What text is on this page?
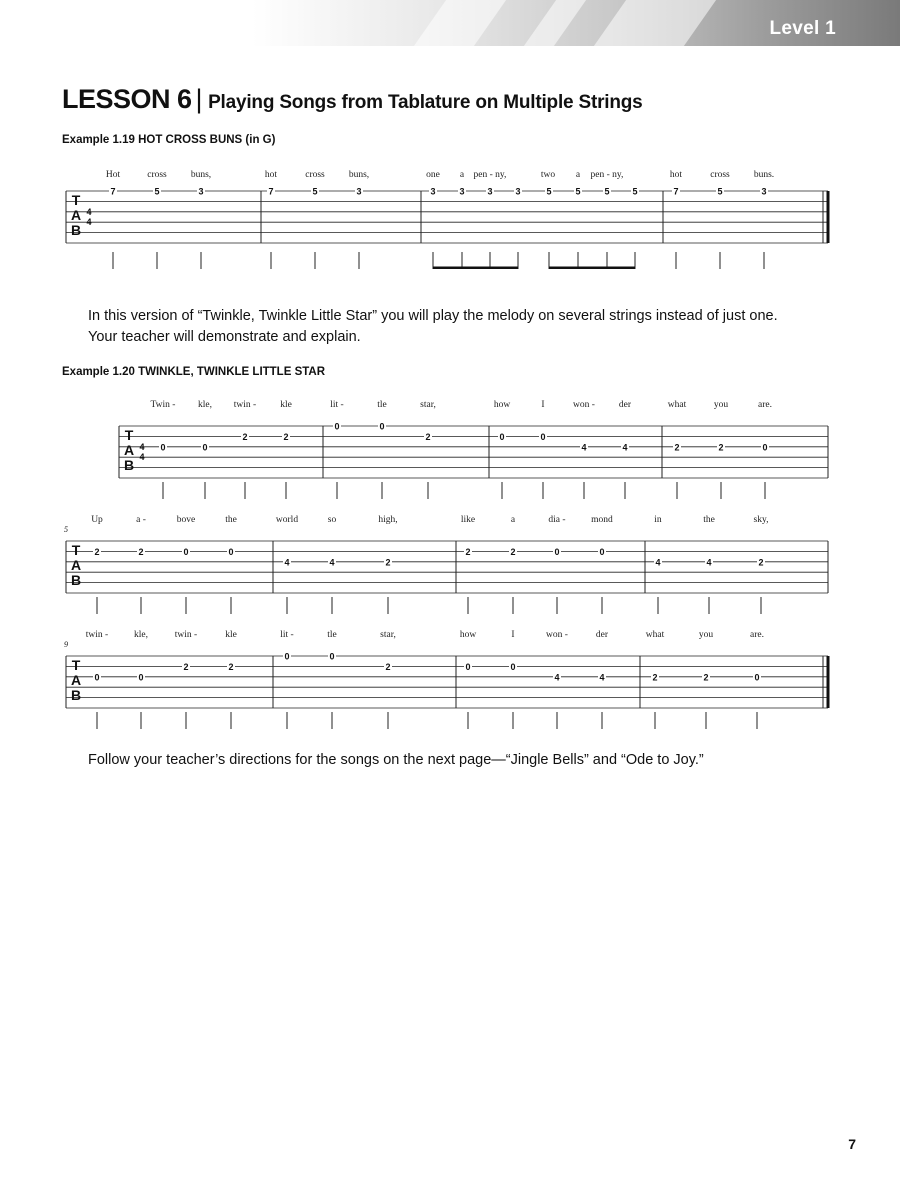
Level 1
LESSON 6 | Playing Songs from Tablature on Multiple Strings
Example 1.19 HOT CROSS BUNS (in G)
In this version of “Twinkle, Twinkle Little Star” you will play the melody on several strings instead of just one. Your teacher will demonstrate and explain.
Example 1.20 TWINKLE, TWINKLE LITTLE STAR
Follow your teacher’s directions for the songs on the next page—“Jingle Bells” and “Ode to Joy.”
7
T
A
B
4
4
Hot	cross	buns,	hot	cross	buns,	one a pen - ny,	two a pen - ny,	hot	cross	buns.
7	5	3	7	5	3	3	3	3	3	5	5	5	5	7	5	3
T
A
B
4
4
Twin - kle, twin -	kle	lit -	tle	star,	how	I	won -	der	what	you	are.
0	0
2	2
0	0
2	0	0
4	4	2	2	0
T
A
B
5
Up	a -	bove	the	world	so	high,	like	a	dia -	mond	in	the	sky,
2	2	0	0
4	4	2
2	2	0	0
4	4	2
T
A
B
9
twin -	kle,	twin -	kle	lit -	tle	star,	how	I	won -	der	what	you	are.
0	0
2	2
0	0
2	0	0
4	4	2	2	0
